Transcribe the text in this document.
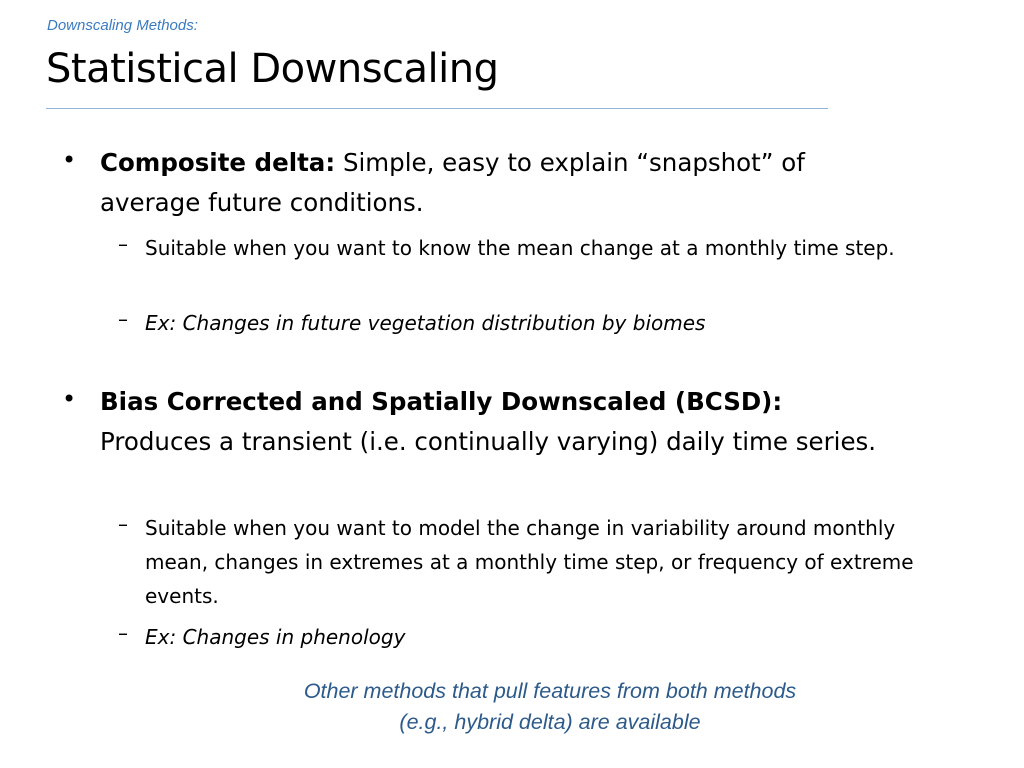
Downscaling Methods:
Statistical Downscaling
• Composite delta: Simple, easy to explain “snapshot” of average future conditions.
– Suitable when you want to know the mean change at a monthly time step.
– Ex: Changes in future vegetation distribution by biomes
• Bias Corrected and Spatially Downscaled (BCSD): Produces a transient (i.e. continually varying) daily time series.
– Suitable when you want to model the change in variability around monthly mean, changes in extremes at a monthly time step, or frequency of extreme events.
– Ex: Changes in phenology
Other methods that pull features from both methods
(e.g., hybrid delta) are available
